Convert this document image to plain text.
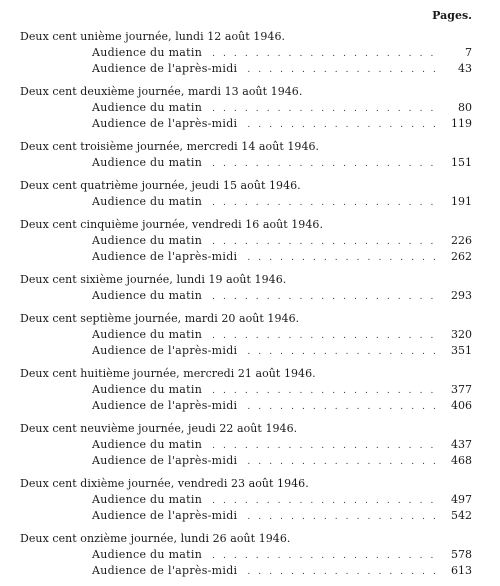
Pages.
Deux cent unième journée, lundi 12 août 1946.
Audience du matin . . .	7
Audience de l'après-midi . . .	43
Deux cent deuxième journée, mardi 13 août 1946.
Audience du matin . . .	80
Audience de l'après-midi . . .	119
Deux cent troisième journée, mercredi 14 août 1946.
Audience du matin . . .	151
Deux cent quatrième journée, jeudi 15 août 1946.
Audience du matin . . .	191
Deux cent cinquième journée, vendredi 16 août 1946.
Audience du matin . . .	226
Audience de l'après-midi . . .	262
Deux cent sixième journée, lundi 19 août 1946.
Audience du matin . . .	293
Deux cent septième journée, mardi 20 août 1946.
Audience du matin . . .	320
Audience de l'après-midi . . .	351
Deux cent huitième journée, mercredi 21 août 1946.
Audience du matin . . .	377
Audience de l'après-midi . . .	406
Deux cent neuvième journée, jeudi 22 août 1946.
Audience du matin . . .	437
Audience de l'après-midi . . .	468
Deux cent dixième journée, vendredi 23 août 1946.
Audience du matin . . .	497
Audience de l'après-midi . . .	542
Deux cent onzième journée, lundi 26 août 1946.
Audience du matin . . .	578
Audience de l'après-midi . . .	613
